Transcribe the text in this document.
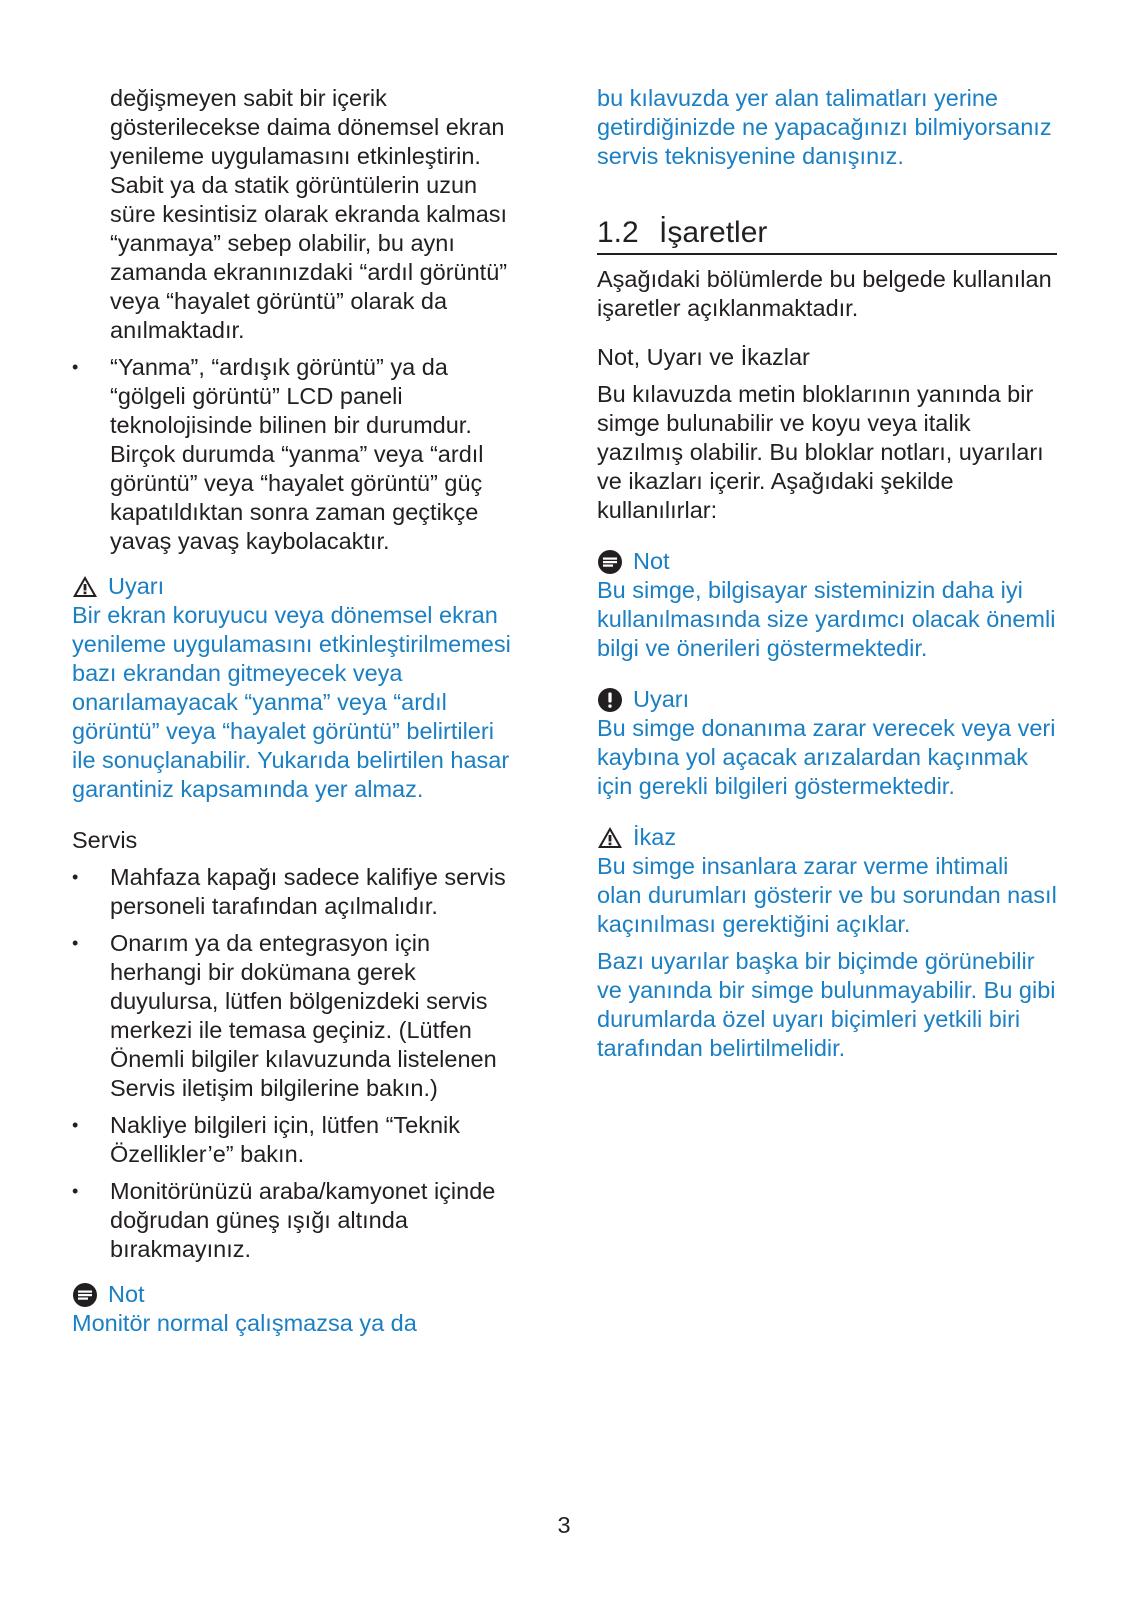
değişmeyen sabit bir içerik gösterilecekse daima dönemsel ekran yenileme uygulamasını etkinleştirin. Sabit ya da statik görüntülerin uzun süre kesintisiz olarak ekranda kalması “yanmaya” sebep olabilir, bu aynı zamanda ekranınızdaki “ardıl görüntü” veya “hayalet görüntü” olarak da anılmaktadır.

• “Yanma”, “ardışık görüntü” ya da “gölgeli görüntü” LCD paneli teknolojisinde bilinen bir durumdur. Birçok durumda “yanma” veya “ardıl görüntü” veya “hayalet görüntü” güç kapatıldıktan sonra zaman geçtikçe yavaş yavaş kaybolacaktır.
Uyarı

Bir ekran koruyucu veya dönemsel ekran yenileme uygulamasını etkinleştirilmemesi bazı ekrandan gitmeyecek veya onarılamayacak “yanma” veya “ardıl görüntü” veya “hayalet görüntü” belirtileri ile sonuçlanabilir. Yukarıda belirtilen hasar garantiniz kapsamında yer almaz.

Servis

• Mahfaza kapağı sadece kalifiye servis personeli tarafından açılmalıdır.
• Onarım ya da entegrasyon için herhangi bir dokümana gerek duyulursa, lütfen bölgenizdeki servis merkezi ile temasa geçiniz. (Lütfen Önemli bilgiler kılavuzunda listelenen Servis iletişim bilgilerine bakın.)
• Nakliye bilgileri için, lütfen “Teknik Özellikler’e” bakın.
• Monitörünüzü araba/kamyonet içinde doğrudan güneş ışığı altında bırakmayınız.
Not

Monitör normal çalışmazsa ya da

bu kılavuzda yer alan talimatları yerine getirdiğinizde ne yapacağınızı bilmiyorsanız servis teknisyenine danışınız.

1.2 İşaretler

Aşağıdaki bölümlerde bu belgede kullanılan işaretler açıklanmaktadır.

Not, Uyarı ve İkazlar

Bu kılavuzda metin bloklarının yanında bir simge bulunabilir ve koyu veya italik yazılmış olabilir. Bu bloklar notları, uyarıları ve ikazları içerir. Aşağıdaki şekilde kullanılırlar:

Not

Bu simge, bilgisayar sisteminizin daha iyi kullanılmasında size yardımcı olacak önemli bilgi ve önerileri göstermektedir.

Uyarı

Bu simge donanıma zarar verecek veya veri kaybına yol açacak arızalardan kaçınmak için gerekli bilgileri göstermektedir.

İkaz

Bu simge insanlara zarar verme ihtimali olan durumları gösterir ve bu sorundan nasıl kaçınılması gerektiğini açıklar.

Bazı uyarılar başka bir biçimde görünebilir ve yanında bir simge bulunmayabilir. Bu gibi durumlarda özel uyarı biçimleri yetkili biri tarafından belirtilmelidir.

3
